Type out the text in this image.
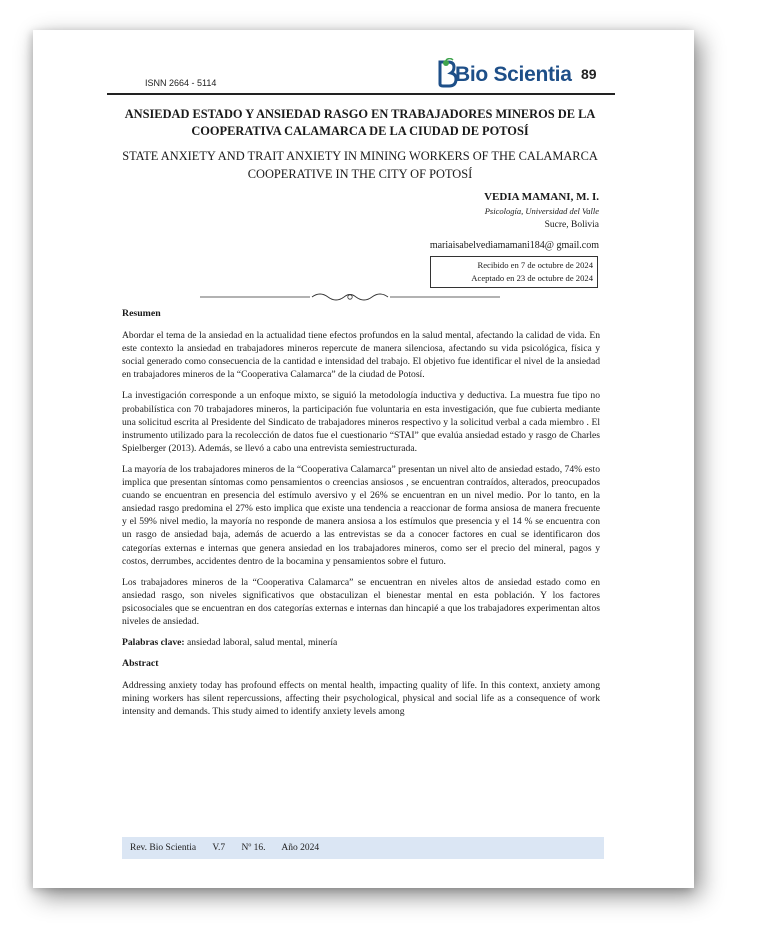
ISNN 2664 - 5114	Bio Scientia 89
ANSIEDAD ESTADO Y ANSIEDAD RASGO EN TRABAJADORES MINEROS DE LA COOPERATIVA CALAMARCA DE LA CIUDAD DE POTOSÍ
STATE ANXIETY AND TRAIT ANXIETY IN MINING WORKERS OF THE CALAMARCA COOPERATIVE IN THE CITY OF POTOSÍ
VEDIA MAMANI, M. I.
Psicología, Universidad del Valle
Sucre, Bolivia
mariaisabelvediamamani184@ gmail.com
Recibido en 7 de octubre de 2024
Aceptado en 23 de octubre de 2024
Resumen

Abordar el tema de la ansiedad en la actualidad tiene efectos profundos en la salud mental, afectando la calidad de vida. En este contexto la ansiedad en trabajadores mineros repercute de manera silenciosa, afectando su vida psicológica, física y social generado como consecuencia de la cantidad e intensidad del trabajo. El objetivo fue identificar el nivel de la ansiedad en trabajadores mineros de la “Cooperativa Calamarca” de la ciudad de Potosí.

La investigación corresponde a un enfoque mixto, se siguió la metodología inductiva y deductiva. La muestra fue tipo no probabilística con 70 trabajadores mineros, la participación fue voluntaria en esta investigación, que fue cubierta mediante una solicitud escrita al Presidente del Sindicato de trabajadores mineros respectivo y la solicitud verbal a cada miembro . El instrumento utilizado para la recolección de datos fue el cuestionario “STAI” que evalúa ansiedad estado y rasgo de Charles Spielberger (2013). Además, se llevó a cabo una entrevista semiestructurada.

La mayoría de los trabajadores mineros de la “Cooperativa Calamarca” presentan un nivel alto de ansiedad estado, 74% esto implica que presentan síntomas como pensamientos o creencias ansiosos , se encuentran contraídos, alterados, preocupados cuando se encuentran en presencia del estímulo aversivo y el 26% se encuentran en un nivel medio. Por lo tanto, en la ansiedad rasgo predomina el 27% esto implica que existe una tendencia a reaccionar de forma ansiosa de manera frecuente y el 59% nivel medio, la mayoría no responde de manera ansiosa a los estímulos que presencia y el 14 % se encuentra con un rasgo de ansiedad baja, además de acuerdo a las entrevistas se da a conocer factores en cual se identificaron dos categorías externas e internas que genera ansiedad en los trabajadores mineros, como ser el precio del mineral, pagos y costos, derrumbes, accidentes dentro de la bocamina y pensamientos sobre el futuro.

Los trabajadores mineros de la “Cooperativa Calamarca” se encuentran en niveles altos de ansiedad estado como en ansiedad rasgo, son niveles significativos que obstaculizan el bienestar mental en esta población. Y los factores psicosociales que se encuentran en dos categorías externas e internas dan hincapié a que los trabajadores experimentan altos niveles de ansiedad.

Palabras clave: ansiedad laboral, salud mental, minería

Abstract

Addressing anxiety today has profound effects on mental health, impacting quality of life. In this context, anxiety among mining workers has silent repercussions, affecting their psychological, physical and social life as a consequence of work intensity and demands. This study aimed to identify anxiety levels among

Rev. Bio Scientia V.7 Nº 16. Año 2024
